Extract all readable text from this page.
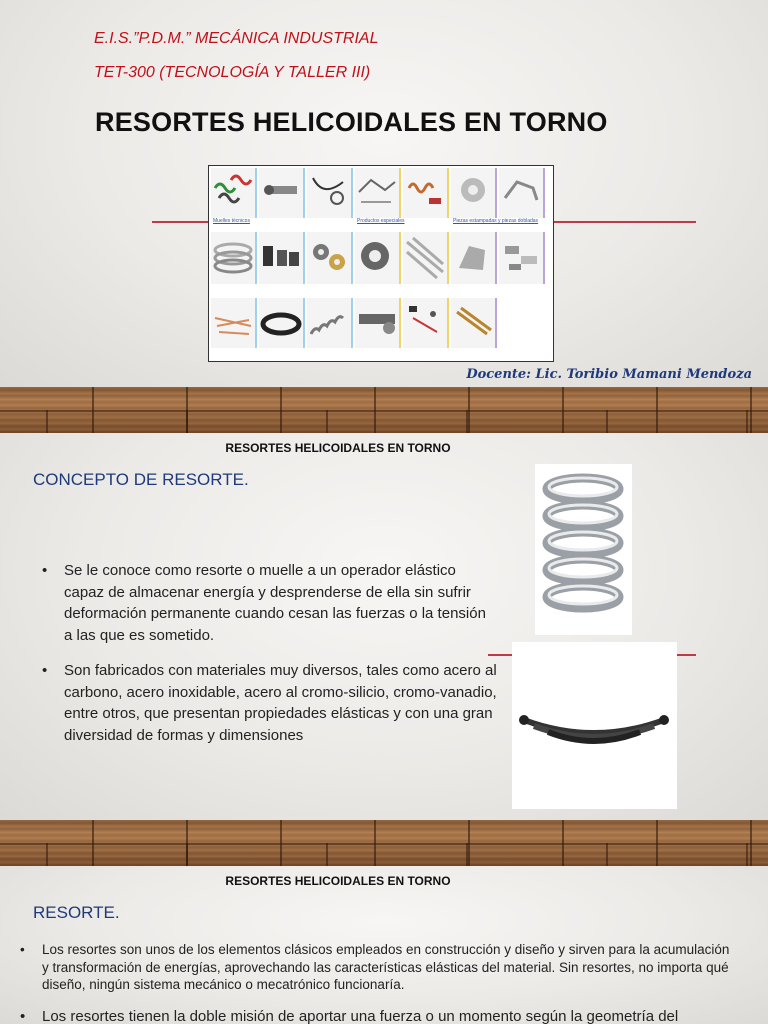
E.I.S.”P.D.M.” MECÁNICA INDUSTRIAL
TET-300 (TECNOLOGÍA Y TALLER III)
RESORTES HELICOIDALES EN TORNO
Muelles técnicos	Productos especiales	Piezas estampadas y piezas dobladas
Docente: Lic. Toribio Mamani Mendoza
RESORTES HELICOIDALES EN TORNO
CONCEPTO DE RESORTE.
• Se le conoce como resorte o muelle a un operador elástico capaz de almacenar energía y desprenderse de ella sin sufrir deformación permanente cuando cesan las fuerzas o la tensión a las que es sometido.
• Son fabricados con materiales muy diversos, tales como acero al carbono, acero inoxidable, acero al cromo-silicio, cromo-vanadio, entre otros, que presentan propiedades elásticas y con una gran diversidad de formas y dimensiones
RESORTES HELICOIDALES EN TORNO
RESORTE.
• Los resortes son unos de los elementos clásicos empleados en construcción y diseño y sirven para la acumulación y transformación de energías, aprovechando las características elásticas del material. Sin resortes, no importa qué diseño, ningún sistema mecánico o mecatrónico funcionaría.
• Los resortes tienen la doble misión de aportar una fuerza o un momento según la geometría del
